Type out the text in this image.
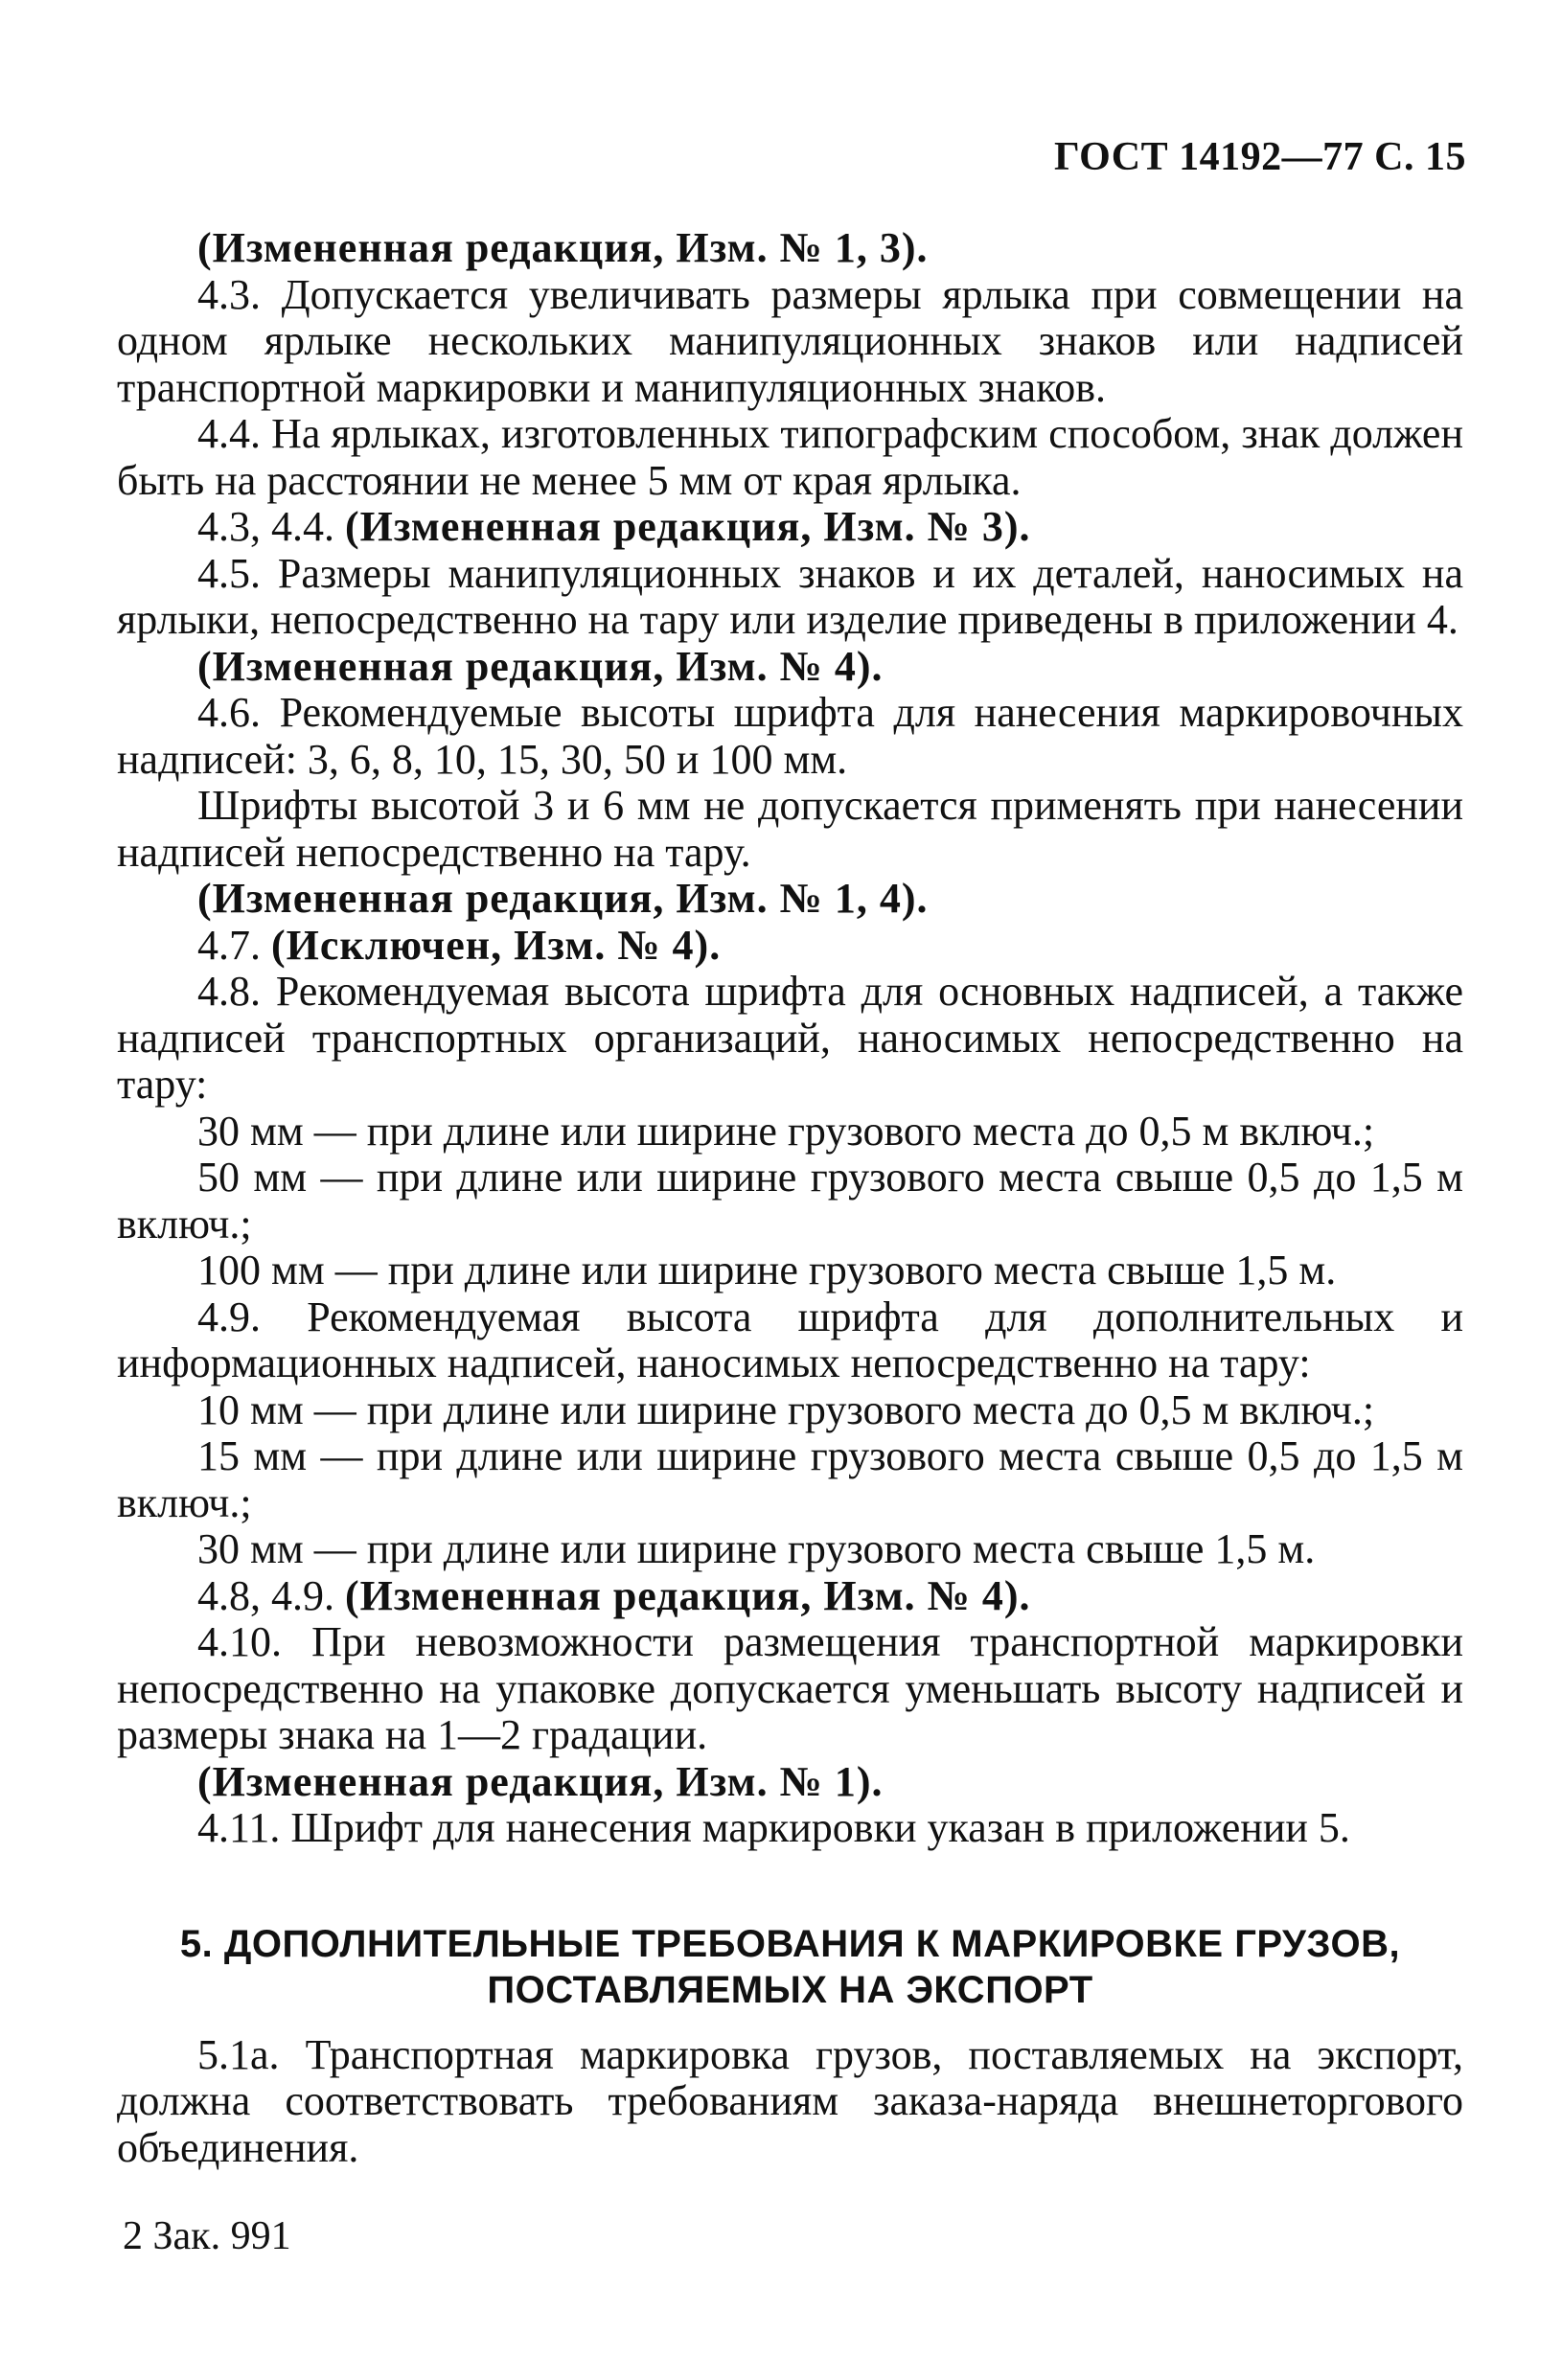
ГОСТ 14192—77 С. 15

(Измененная редакция, Изм. № 1, 3).

4.3. Допускается увеличивать размеры ярлыка при совмещении на одном ярлыке нескольких манипуляционных знаков или надписей транспортной маркировки и манипуляционных знаков.

4.4. На ярлыках, изготовленных типографским способом, знак должен быть на расстоянии не менее 5 мм от края ярлыка.

4.3, 4.4. (Измененная редакция, Изм. № 3).

4.5. Размеры манипуляционных знаков и их деталей, наносимых на ярлыки, непосредственно на тару или изделие приведены в приложении 4.

(Измененная редакция, Изм. № 4).

4.6. Рекомендуемые высоты шрифта для нанесения маркировочных надписей: 3, 6, 8, 10, 15, 30, 50 и 100 мм.

Шрифты высотой 3 и 6 мм не допускается применять при нанесении надписей непосредственно на тару.

(Измененная редакция, Изм. № 1, 4).

4.7. (Исключен, Изм. № 4).

4.8. Рекомендуемая высота шрифта для основных надписей, а также надписей транспортных организаций, наносимых непосредственно на тару:

30 мм — при длине или ширине грузового места до 0,5 м включ.;

50 мм — при длине или ширине грузового места свыше 0,5 до 1,5 м включ.;

100 мм — при длине или ширине грузового места свыше 1,5 м.

4.9. Рекомендуемая высота шрифта для дополнительных и информационных надписей, наносимых непосредственно на тару:

10 мм — при длине или ширине грузового места до 0,5 м включ.;

15 мм — при длине или ширине грузового места свыше 0,5 до 1,5 м включ.;

30 мм — при длине или ширине грузового места свыше 1,5 м.

4.8, 4.9. (Измененная редакция, Изм. № 4).

4.10. При невозможности размещения транспортной маркировки непосредственно на упаковке допускается уменьшать высоту надписей и размеры знака на 1—2 градации.

(Измененная редакция, Изм. № 1).

4.11. Шрифт для нанесения маркировки указан в приложении 5.

5. ДОПОЛНИТЕЛЬНЫЕ ТРЕБОВАНИЯ К МАРКИРОВКЕ ГРУЗОВ,
ПОСТАВЛЯЕМЫХ НА ЭКСПОРТ

5.1а. Транспортная маркировка грузов, поставляемых на экспорт, должна соответствовать требованиям заказа-наряда внешнеторгового объединения.

2 Зак. 991
